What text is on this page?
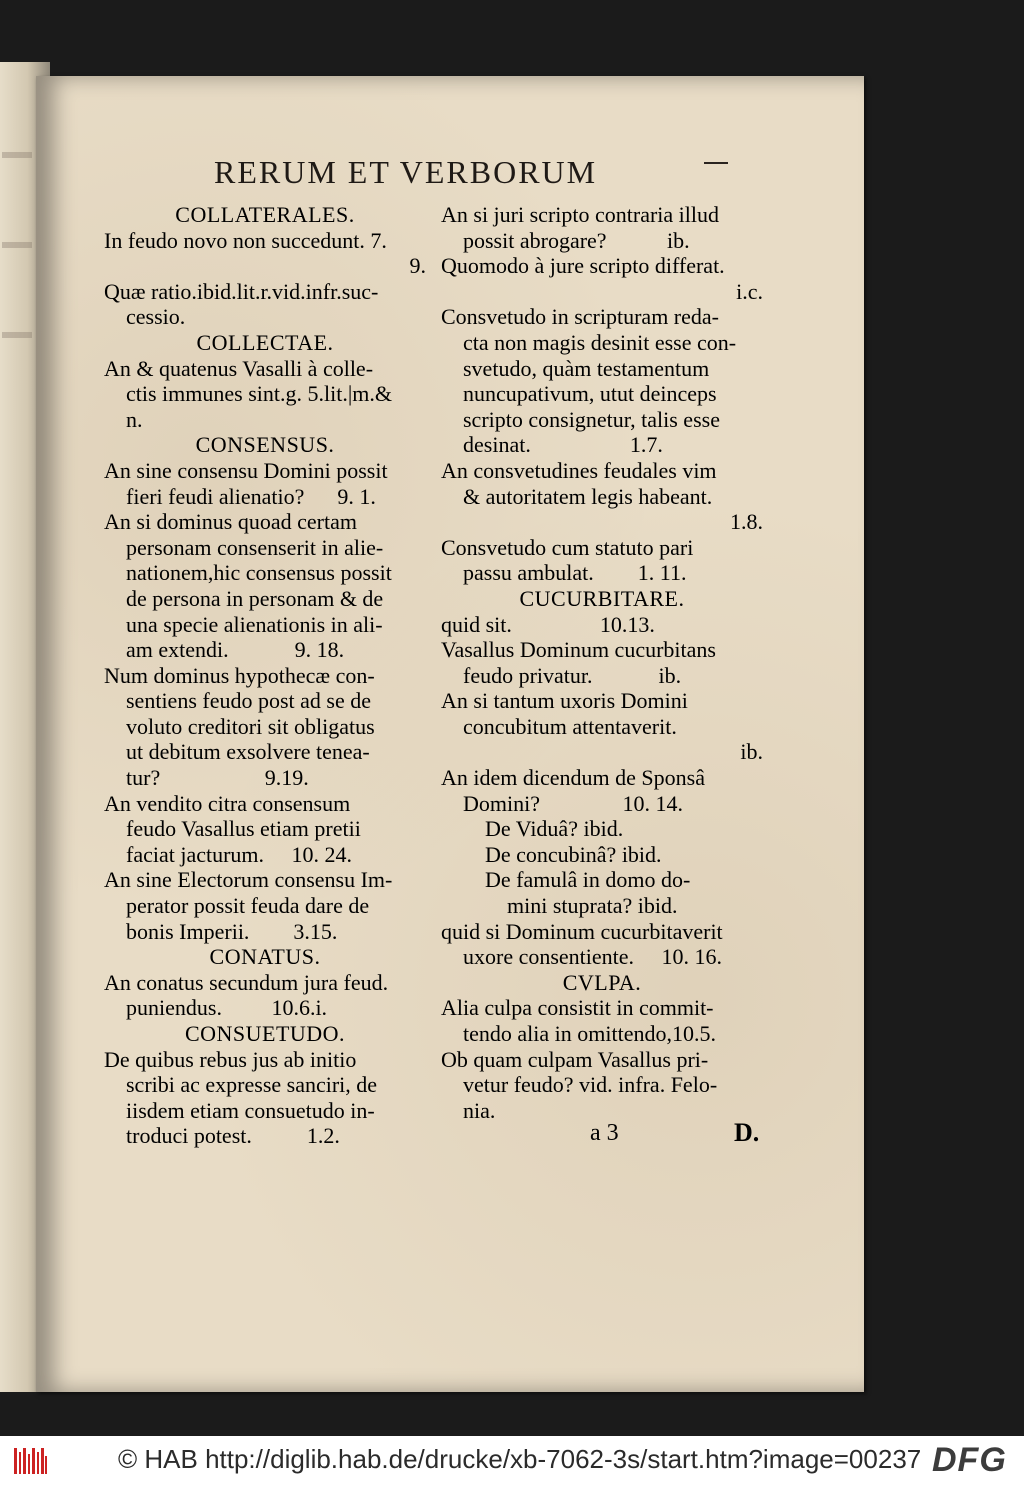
RERUM ET VERBORUM
COLLATERALES.
In feudo novo non succedunt. 7.
9.
Quæ ratio.ibid.lit.r.vid.infr.suc-
cessio.
COLLECTAE.
An & quatenus Vasalli à colle-
ctis immunes sint.g. 5.lit.|m.&
n.
CONSENSUS.
An sine consensu Domini possit
fieri feudi alienatio?      9. 1.
An si dominus quoad certam
personam consenserit in alie-
nationem,hic consensus possit
de persona in personam & de
una specie alienationis in ali-
am extendi.            9. 18.
Num dominus hypothecæ con-
sentiens feudo post ad se de
voluto creditori sit obligatus
ut debitum exsolvere tenea-
tur?                   9.19.
An vendito citra consensum
feudo Vasallus etiam pretii
faciat jacturum.     10. 24.
An sine Electorum consensu Im-
perator possit feuda dare de
bonis Imperii.        3.15.
CONATUS.
An conatus secundum jura feud.
puniendus.         10.6.i.
CONSUETUDO.
De quibus rebus jus ab initio
scribi ac expresse sanciri, de
iisdem etiam consuetudo in-
troduci potest.          1.2.
An si juri scripto contraria illud
possit abrogare?           ib.
Quomodo à jure scripto differat.
i.c.
Consvetudo in scripturam reda-
cta non magis desinit esse con-
svetudo, quàm testamentum
nuncupativum, utut deinceps
scripto consignetur, talis esse
desinat.                  1.7.
An consvetudines feudales vim
& autoritatem legis habeant.
1.8.
Consvetudo cum statuto pari
passu ambulat.        1. 11.
CUCURBITARE.
quid sit.                10.13.
Vasallus Dominum cucurbitans
feudo privatur.            ib.
An si tantum uxoris Domini
concubitum attentaverit.
ib.
An idem dicendum de Sponsâ
Domini?               10. 14.
De Viduâ? ibid.
De concubinâ? ibid.
De famulâ in domo do-
mini stuprata? ibid.
quid si Dominum cucurbitaverit
uxore consentiente.     10. 16.
CVLPA.
Alia culpa consistit in commit-
tendo alia in omittendo,10.5.
Ob quam culpam Vasallus pri-
vetur feudo? vid. infra. Felo-
nia.
a 3	D.
© HAB http://diglib.hab.de/drucke/xb-7062-3s/start.htm?image=00237 DFG
